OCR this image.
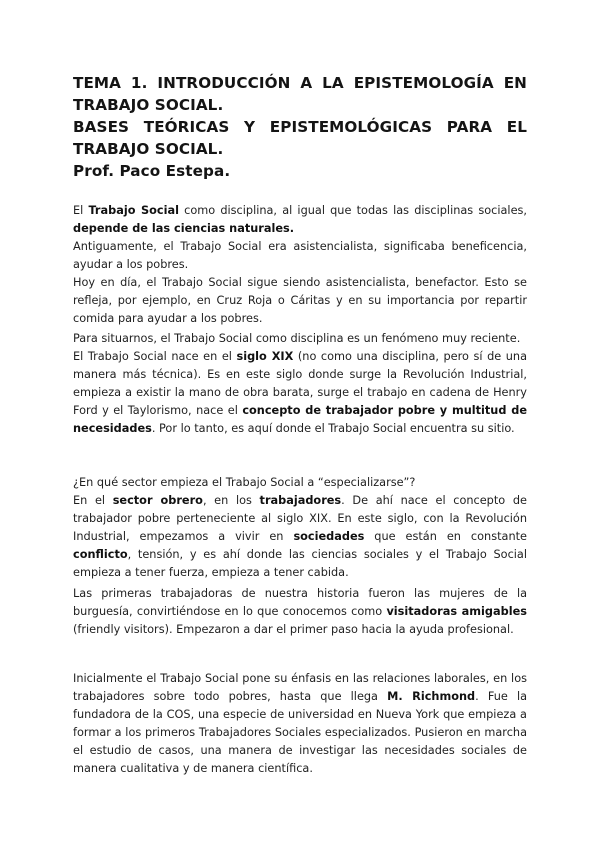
TEMA 1. INTRODUCCIÓN A LA EPISTEMOLOGÍA EN
TRABAJO SOCIAL.
BASES TEÓRICAS Y EPISTEMOLÓGICAS PARA EL
TRABAJO SOCIAL.
Prof. Paco Estepa.

El Trabajo Social como disciplina, al igual que todas las disciplinas sociales, depende de las ciencias naturales.

Antiguamente, el Trabajo Social era asistencialista, significaba beneficencia, ayudar a los pobres.

Hoy en día, el Trabajo Social sigue siendo asistencialista, benefactor. Esto se refleja, por ejemplo, en Cruz Roja o Cáritas y en su importancia por repartir comida para ayudar a los pobres.

Para situarnos, el Trabajo Social como disciplina es un fenómeno muy reciente.

El Trabajo Social nace en el siglo XIX (no como una disciplina, pero sí de una manera más técnica). Es en este siglo donde surge la Revolución Industrial, empieza a existir la mano de obra barata, surge el trabajo en cadena de Henry Ford y el Taylorismo, nace el concepto de trabajador pobre y multitud de necesidades. Por lo tanto, es aquí donde el Trabajo Social encuentra su sitio.

¿En qué sector empieza el Trabajo Social a “especializarse”?

En el sector obrero, en los trabajadores. De ahí nace el concepto de trabajador pobre perteneciente al siglo XIX. En este siglo, con la Revolución Industrial, empezamos a vivir en sociedades que están en constante conflicto, tensión, y es ahí donde las ciencias sociales y el Trabajo Social empieza a tener fuerza, empieza a tener cabida.

Las primeras trabajadoras de nuestra historia fueron las mujeres de la burguesía, convirtiéndose en lo que conocemos como visitadoras amigables (friendly visitors). Empezaron a dar el primer paso hacia la ayuda profesional.

Inicialmente el Trabajo Social pone su énfasis en las relaciones laborales, en los trabajadores sobre todo pobres, hasta que llega M. Richmond. Fue la fundadora de la COS, una especie de universidad en Nueva York que empieza a formar a los primeros Trabajadores Sociales especializados. Pusieron en marcha el estudio de casos, una manera de investigar las necesidades sociales de manera cualitativa y de manera científica.
